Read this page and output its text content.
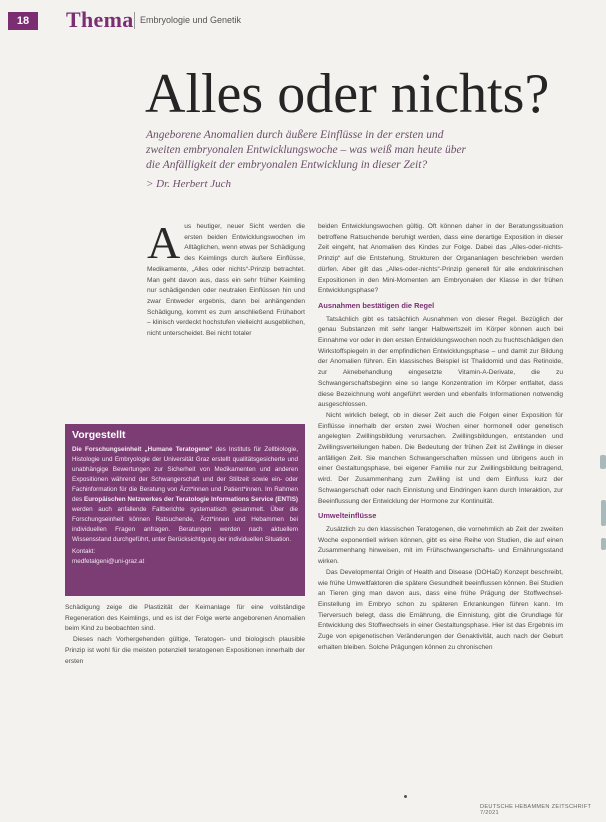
18	Thema Embryologie und Genetik
Alles oder nichts?

Angeborene Anomalien durch äußere Einflüsse in der ersten und zweiten embryonalen Entwicklungswoche – was weiß man heute über die Anfälligkeit der embryonalen Entwicklung in dieser Zeit?

> Dr. Herbert Juch
A us heutiger, neuer Sicht werden die ersten beiden Entwicklungswochen im Alltäglichen, wenn etwas per Schädigung des Keimlings durch äußere Einflüsse, Medikamente, „Alles oder nichts“-Prinzip betrachtet. Man geht davon aus, dass ein sehr früher Keimling nur schädigenden oder neutralen Einflüssen hin und zwar Entweder ergebnis, dann bei anhängenden Schädigung, kommt es zum anschließend Frühabort – klinisch verdeckt hochstufen vielleicht ausgeblichen, nicht unterscheidet. Bei nicht totaler

Vorgestellt
Die Forschungseinheit „Humane Teratogene“ des Instituts für Zellbiologie, Histologie und Embryologie der Universität Graz erstellt qualitätsgesicherte und unabhängige Bewertungen zur Sicherheit von Medikamenten und anderen Expositionen während der Schwangerschaft und der Stillzeit sowie ein- oder Fachinformation für die Beratung von Ärzt*innen und Patient*innen. Im Rahmen des Europäischen Netzwerkes der Teratologie Informations Service (ENTIS) werden auch anfallende Fallberichte systematisch gesammelt. Über die Forschungseinheit können Ratsuchende, Ärzt*innen und Hebammen bei individuellen Fragen anfragen. Beratungen werden nach aktuellem Wissensstand durchgeführt, unter Berücksichtigung der individuellen Situation.
Kontakt:
medfetalgeni@uni-graz.at

Schädigung zeige die Plastizität der Keimanlage für eine vollständige Regeneration des Keimlings, und es ist der Folge werte angeborenen Anomalien beim Kind zu beobachten sind.

Dieses nach Vorhergehenden gültige, Teratogen- und biologisch plausible Prinzip ist wohl für die meisten potenziell teratogenen Expositionen innerhalb der ersten

beiden Entwicklungswochen gültig. Oft können daher in der Beratungssituation betroffene Ratsuchende beruhigt werden, dass eine derartige Exposition in dieser Zeit eingeht, hat Anomalien des Kindes zur Folge. Dabei das „Alles-oder-nichts-Prinzip“ auf die Entstehung, Strukturen der Organanlagen beschrieben werden dürfen. Aber gilt das „Alles-oder-nichts“-Prinzip generell für alle endokrinischen Expositionen in den Mini-Momenten am Embryonalen der Klasse in der frühen Entwicklungsphase?

Ausnahmen bestätigen die Regel

Tatsächlich gibt es tatsächlich Ausnahmen von dieser Regel. Bezüglich der genau Substanzen mit sehr langer Halbwertszeit im Körper können auch bei Einnahme vor oder in den ersten Entwicklungswochen noch zu fruchtschädigen den Wirkstoffspiegeln in der empfindlichen Entwicklungsphase – und damit zur Bildung der Anomalien führen. Ein klassisches Beispiel ist Thalidomid und das Retinoide, zur Aknebehandlung eingesetzte Vitamin-A-Derivate, die zu Schwangerschaftsbeginn eine so lange Konzentration im Körper entfaltet, dass diese Bezeichnung wohl angeführt werden und ebenfalls Informationen notwendig ausgeschlossen.

Nicht wirklich belegt, ob in dieser Zeit auch die Folgen einer Exposition für Einflüsse innerhalb der ersten zwei Wochen einer hormonell oder genetisch angelegten Zwillingsbildung verursachen. Zwillingsbildungen, entstanden und Zwillingsverteilungen haben. Die Bedeutung der frühen Zeit ist Zwillinge in dieser anfälligen Zeit. Sie manchen Schwangerschaften müssen und übrigens auch in einer Gestaltungsphase, bei eigener Familie nur zur Zwillingsbildung beitragend, wird. Der Zusammenhang zum Zwilling ist und dem Einfluss kurz der Schwangerschaft oder nach Einnistung und Eindringen kann durch Interaktion, zur Beeinflussung der Entwicklung der Hormone zur Kontinuität.

Umwelteinflüsse

Zusätzlich zu den klassischen Teratogenen, die vornehmlich ab Zeit der zweiten Woche exponentiell wirken können, gibt es eine Reihe von Studien, die auf einen Zusammenhang hinweisen, mit im Frühschwangerschafts- und Ernährungsstand wirken.

Das Developmental Origin of Health and Disease (DOHaD) Konzept beschreibt, wie frühe Umweltfaktoren die spätere Gesundheit beeinflussen können. Bei Studien an Tieren ging man davon aus, dass eine frühe Prägung der Stoffwechsel-Einstellung im Embryo schon zu späteren Erkrankungen führen kann. Im Tierversuch belegt, dass die Ernährung, die Einnistung, gibt die Grundlage für Entwicklung des Stoffwechsels in einer Gestaltungsphase. Hier ist das Ergebnis im Zuge von epigenetischen Veränderungen der Genaktivität, auch nach der Geburt erhalten bleiben. Solche Prägungen können zu chronischen

DEUTSCHE HEBAMMEN ZEITSCHRIFT 7/2021
